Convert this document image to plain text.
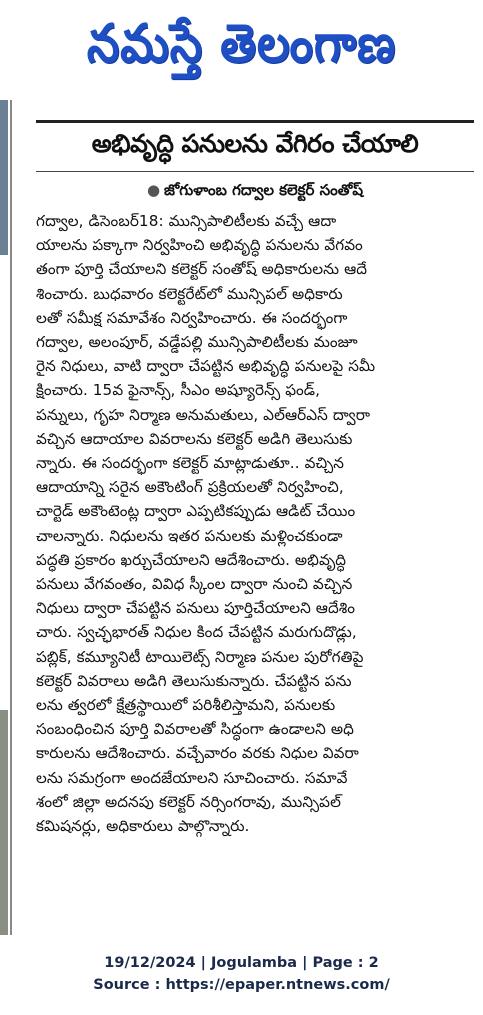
నమస్తే తెలంగాణ
అభివృద్ధి పనులను వేగిరం చేయాలి
● జోగుళాంబ గద్వాల కలెక్టర్ సంతోష్
గద్వాల, డిసెంబర్18: మున్సిపాలిటీలకు వచ్చే ఆదా
యాలను పక్కాగా నిర్వహించి అభివృద్ధి పనులను వేగవం
తంగా పూర్తి చేయాలని కలెక్టర్ సంతోష్ అధికారులను ఆదే
శించారు. బుధవారం కలెక్టరేట్‌లో మున్సిపల్ అధికారు
లతో సమీక్ష సమావేశం నిర్వహించారు. ఈ సందర్భంగా
గద్వాల, అలంపూర్, వడ్డేపల్లి మున్సిపాలిటీలకు మంజూ
రైన నిధులు, వాటి ద్వారా చేపట్టిన అభివృద్ధి పనులపై సమీ
క్షించారు. 15వ ఫైనాన్స్, సీఎం అష్యూరెన్స్ ఫండ్,
పన్నులు, గృహ నిర్మాణ అనుమతులు, ఎల్ఆర్ఎస్ ద్వారా
వచ్చిన ఆదాయాల వివరాలను కలెక్టర్ అడిగి తెలుసుకు
న్నారు. ఈ సందర్భంగా కలెక్టర్ మాట్లాడుతూ.. వచ్చిన
ఆదాయాన్ని సరైన అకౌంటింగ్ ప్రక్రియలతో నిర్వహించి,
చార్టెడ్ అకౌంటెంట్ల ద్వారా ఎప్పటికప్పుడు ఆడిట్ చేయిం
చాలన్నారు. నిధులను ఇతర పనులకు మళ్లించకుండా
పద్ధతి ప్రకారం ఖర్చుచేయాలని ఆదేశించారు. అభివృద్ధి
పనులు వేగవంతం, వివిధ స్కీంల ద్వారా నుంచి వచ్చిన
నిధులు ద్వారా చేపట్టిన పనులు పూర్తిచేయాలని ఆదేశిం
చారు. స్వచ్ఛభారత్ నిధుల కింద చేపట్టిన మరుగుదొడ్లు,
పబ్లిక్, కమ్యూనిటీ టాయిలెట్స్ నిర్మాణ పనుల పురోగతిపై
కలెక్టర్ వివరాలు అడిగి తెలుసుకున్నారు. చేపట్టిన పను
లను త్వరలో క్షేత్రస్థాయిలో పరిశీలిస్తామని, పనులకు
సంబంధించిన పూర్తి వివరాలతో సిద్ధంగా ఉండాలని అధి
కారులను ఆదేశించారు. వచ్చేవారం వరకు నిధుల వివరా
లను సమగ్రంగా అందజేయాలని సూచించారు. సమావే
శంలో జిల్లా అదనపు కలెక్టర్ నర్సింగరావు, మున్సిపల్
కమిషనర్లు, అధికారులు పాల్గొన్నారు.
19/12/2024 | Jogulamba | Page : 2
Source : https://epaper.ntnews.com/
